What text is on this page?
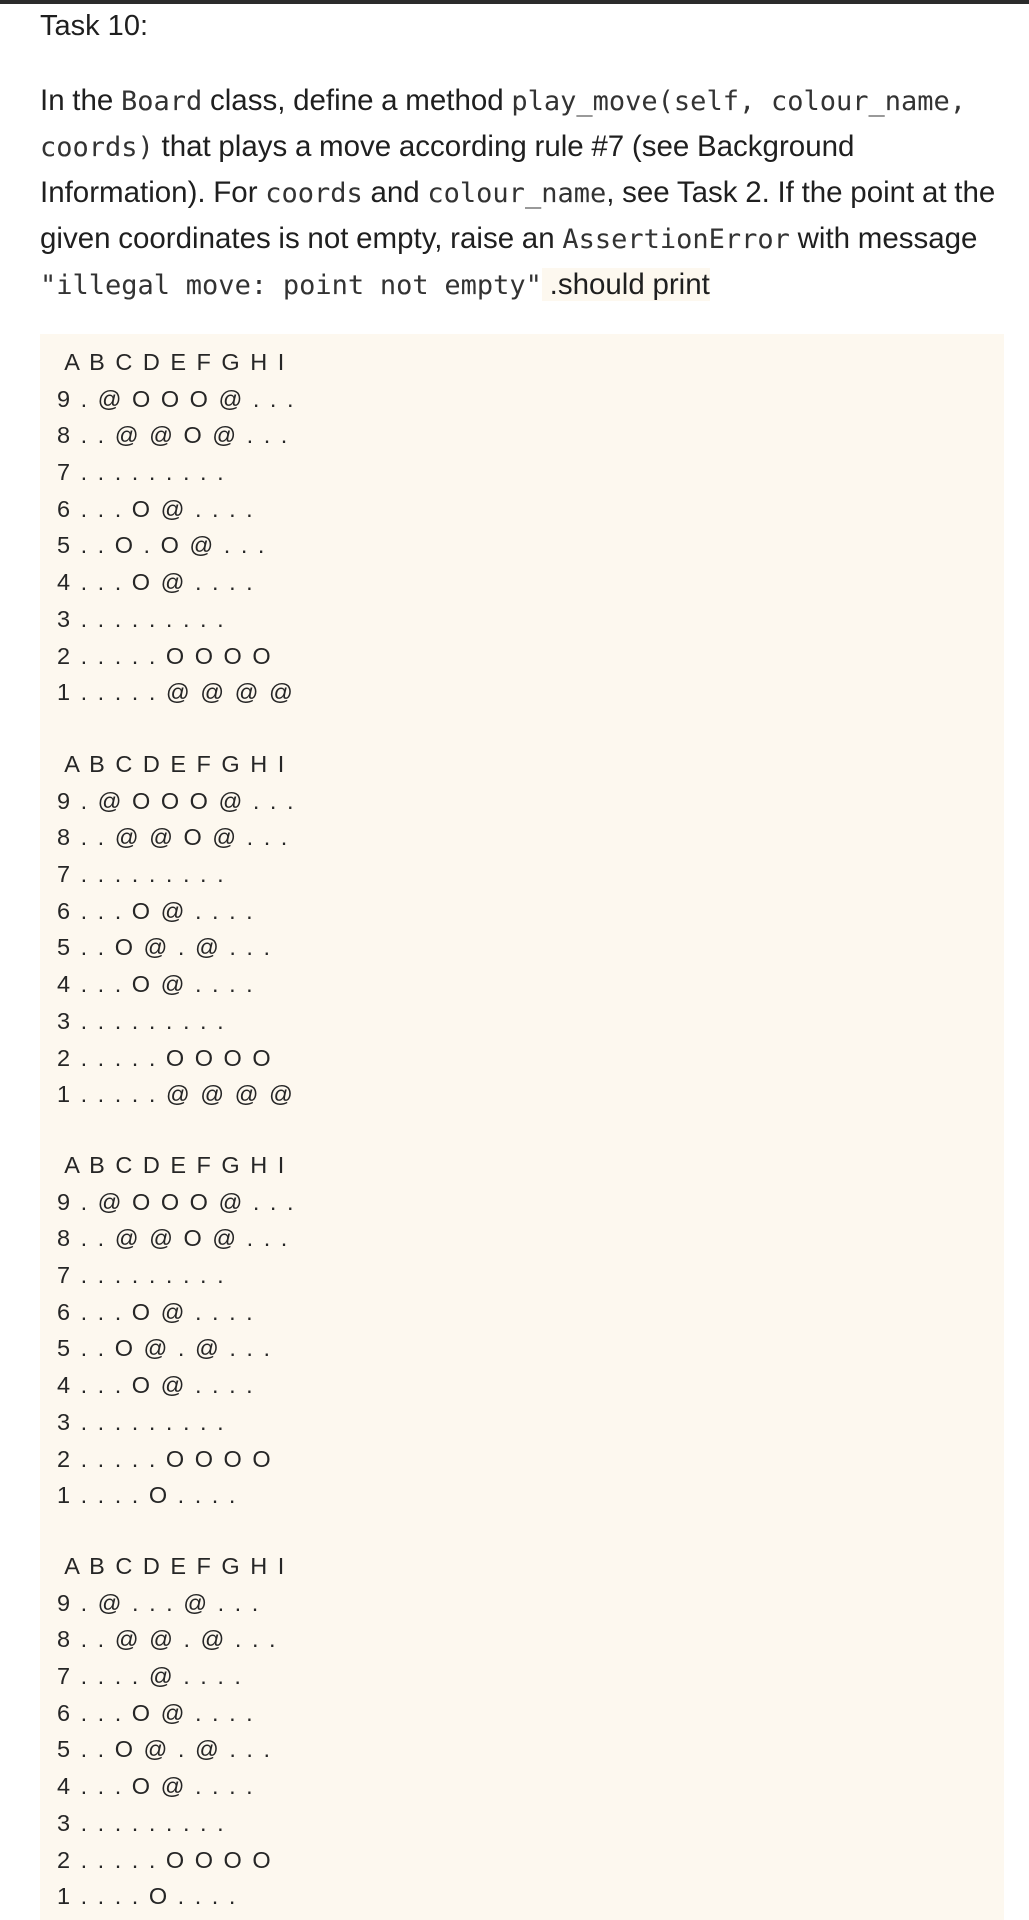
Task 10:
In the Board class, define a method play_move(self, colour_name, coords) that plays a move according rule #7 (see Background Information). For coords and colour_name, see Task 2. If the point at the given coordinates is not empty, raise an AssertionError with message "illegal move: point not empty" .should print
A B C D E F G H I
9 . @ O O O @ . . .
8 . . @ @ O @ . . .
7 . . . . . . . . .
6 . . . O @ . . . .
5 . . O . O @ . . .
4 . . . O @ . . . .
3 . . . . . . . . .
2 . . . . . O O O O
1 . . . . . @ @ @ @
A B C D E F G H I
9 . @ O O O @ . . .
8 . . @ @ O @ . . .
7 . . . . . . . . .
6 . . . O @ . . . .
5 . . O @ . @ . . .
4 . . . O @ . . . .
3 . . . . . . . . .
2 . . . . . O O O O
1 . . . . . @ @ @ @
A B C D E F G H I
9 . @ O O O @ . . .
8 . . @ @ O @ . . .
7 . . . . . . . . .
6 . . . O @ . . . .
5 . . O @ . @ . . .
4 . . . O @ . . . .
3 . . . . . . . . .
2 . . . . . O O O O
1 . . . . O . . . .
A B C D E F G H I
9 . @ . . . @ . . .
8 . . @ @ . @ . . .
7 . . . . @ . . . .
6 . . . O @ . . . .
5 . . O @ . @ . . .
4 . . . O @ . . . .
3 . . . . . . . . .
2 . . . . . O O O O
1 . . . . O . . . .
